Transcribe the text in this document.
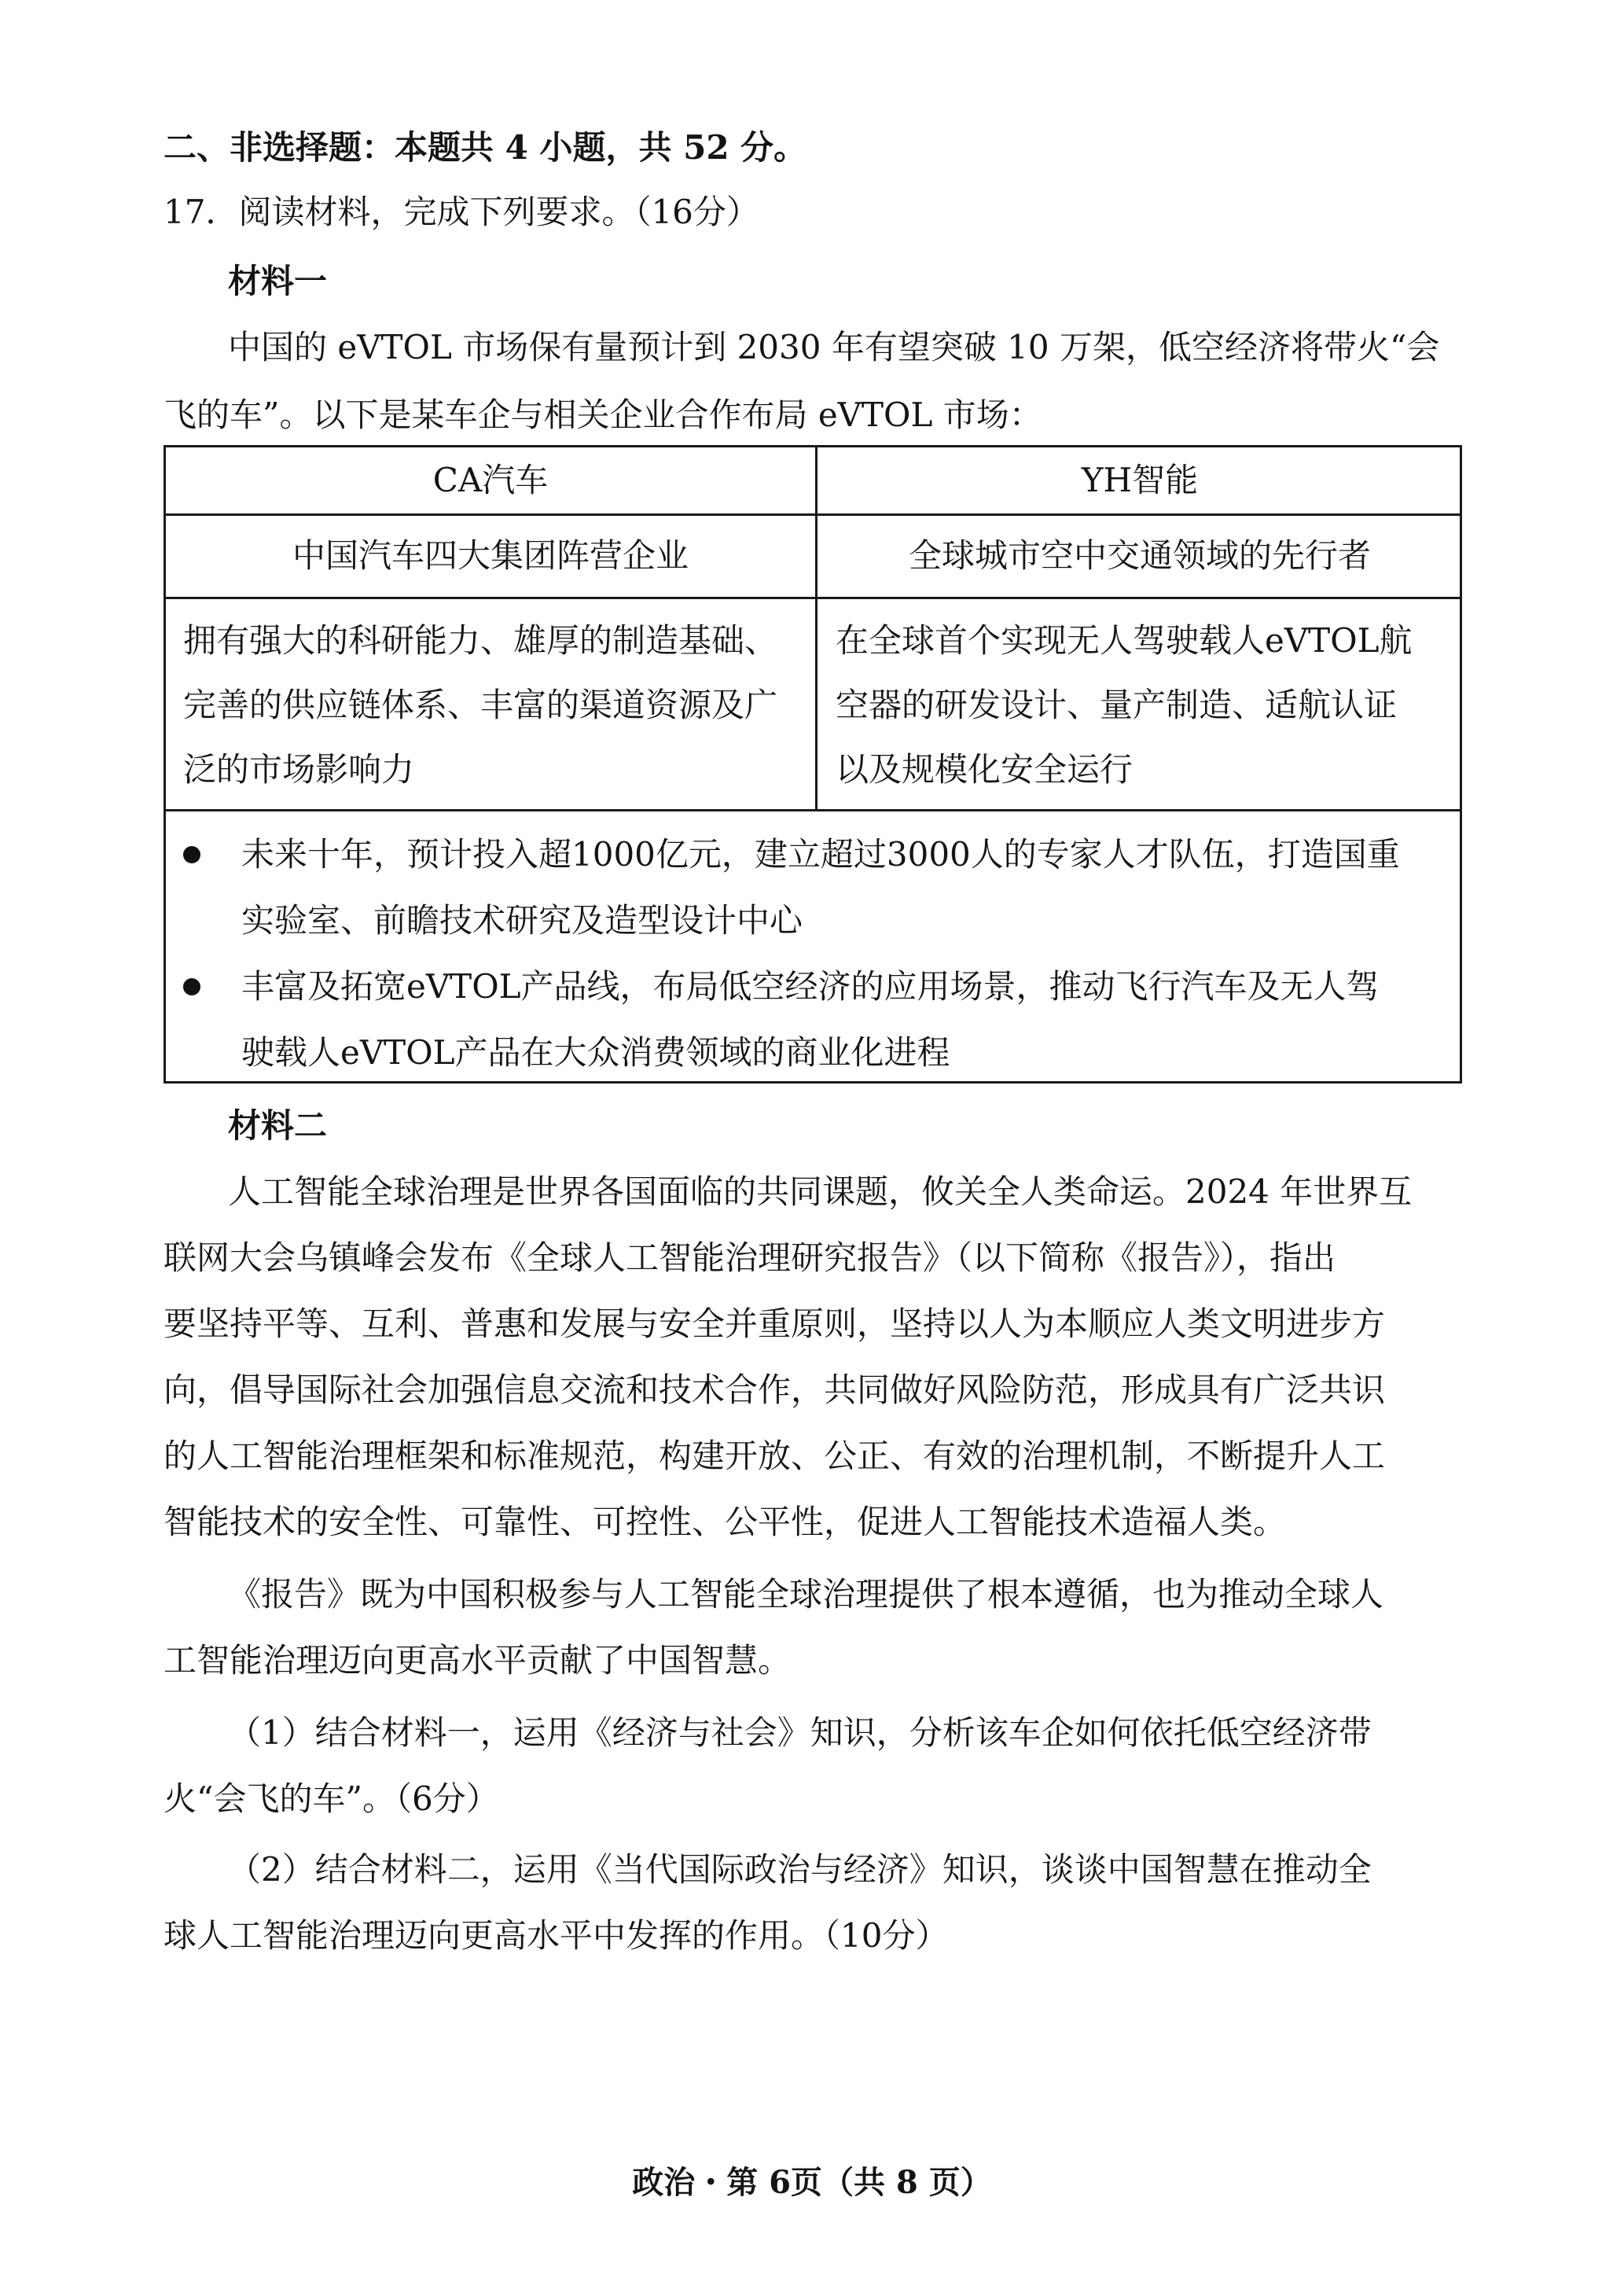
二、非选择题：本题共 4 小题，共 52 分。
17．阅读材料，完成下列要求。（16分）
材料一
中国的 eVTOL 市场保有量预计到 2030 年有望突破 10 万架，低空经济将带火“会
飞的车”。以下是某车企与相关企业合作布局 eVTOL 市场：
CA汽车	YH智能
中国汽车四大集团阵营企业	全球城市空中交通领域的先行者
拥有强大的科研能力、雄厚的制造基础、
完善的供应链体系、丰富的渠道资源及广
泛的市场影响力
在全球首个实现无人驾驶载人eVTOL航
空器的研发设计、量产制造、适航认证
以及规模化安全运行
未来十年，预计投入超1000亿元，建立超过3000人的专家人才队伍，打造国重
实验室、前瞻技术研究及造型设计中心
丰富及拓宽eVTOL产品线，布局低空经济的应用场景，推动飞行汽车及无人驾
驶载人eVTOL产品在大众消费领域的商业化进程
材料二
人工智能全球治理是世界各国面临的共同课题，攸关全人类命运。2024 年世界互
联网大会乌镇峰会发布《全球人工智能治理研究报告》（以下简称《报告》），指出
要坚持平等、互利、普惠和发展与安全并重原则，坚持以人为本顺应人类文明进步方
向，倡导国际社会加强信息交流和技术合作，共同做好风险防范，形成具有广泛共识
的人工智能治理框架和标准规范，构建开放、公正、有效的治理机制，不断提升人工
智能技术的安全性、可靠性、可控性、公平性，促进人工智能技术造福人类。
《报告》既为中国积极参与人工智能全球治理提供了根本遵循，也为推动全球人
工智能治理迈向更高水平贡献了中国智慧。
（1）结合材料一，运用《经济与社会》知识，分析该车企如何依托低空经济带
火“会飞的车”。（6分）
（2）结合材料二，运用《当代国际政治与经济》知识，谈谈中国智慧在推动全
球人工智能治理迈向更高水平中发挥的作用。（10分）
政治・第 6页（共 8 页）
